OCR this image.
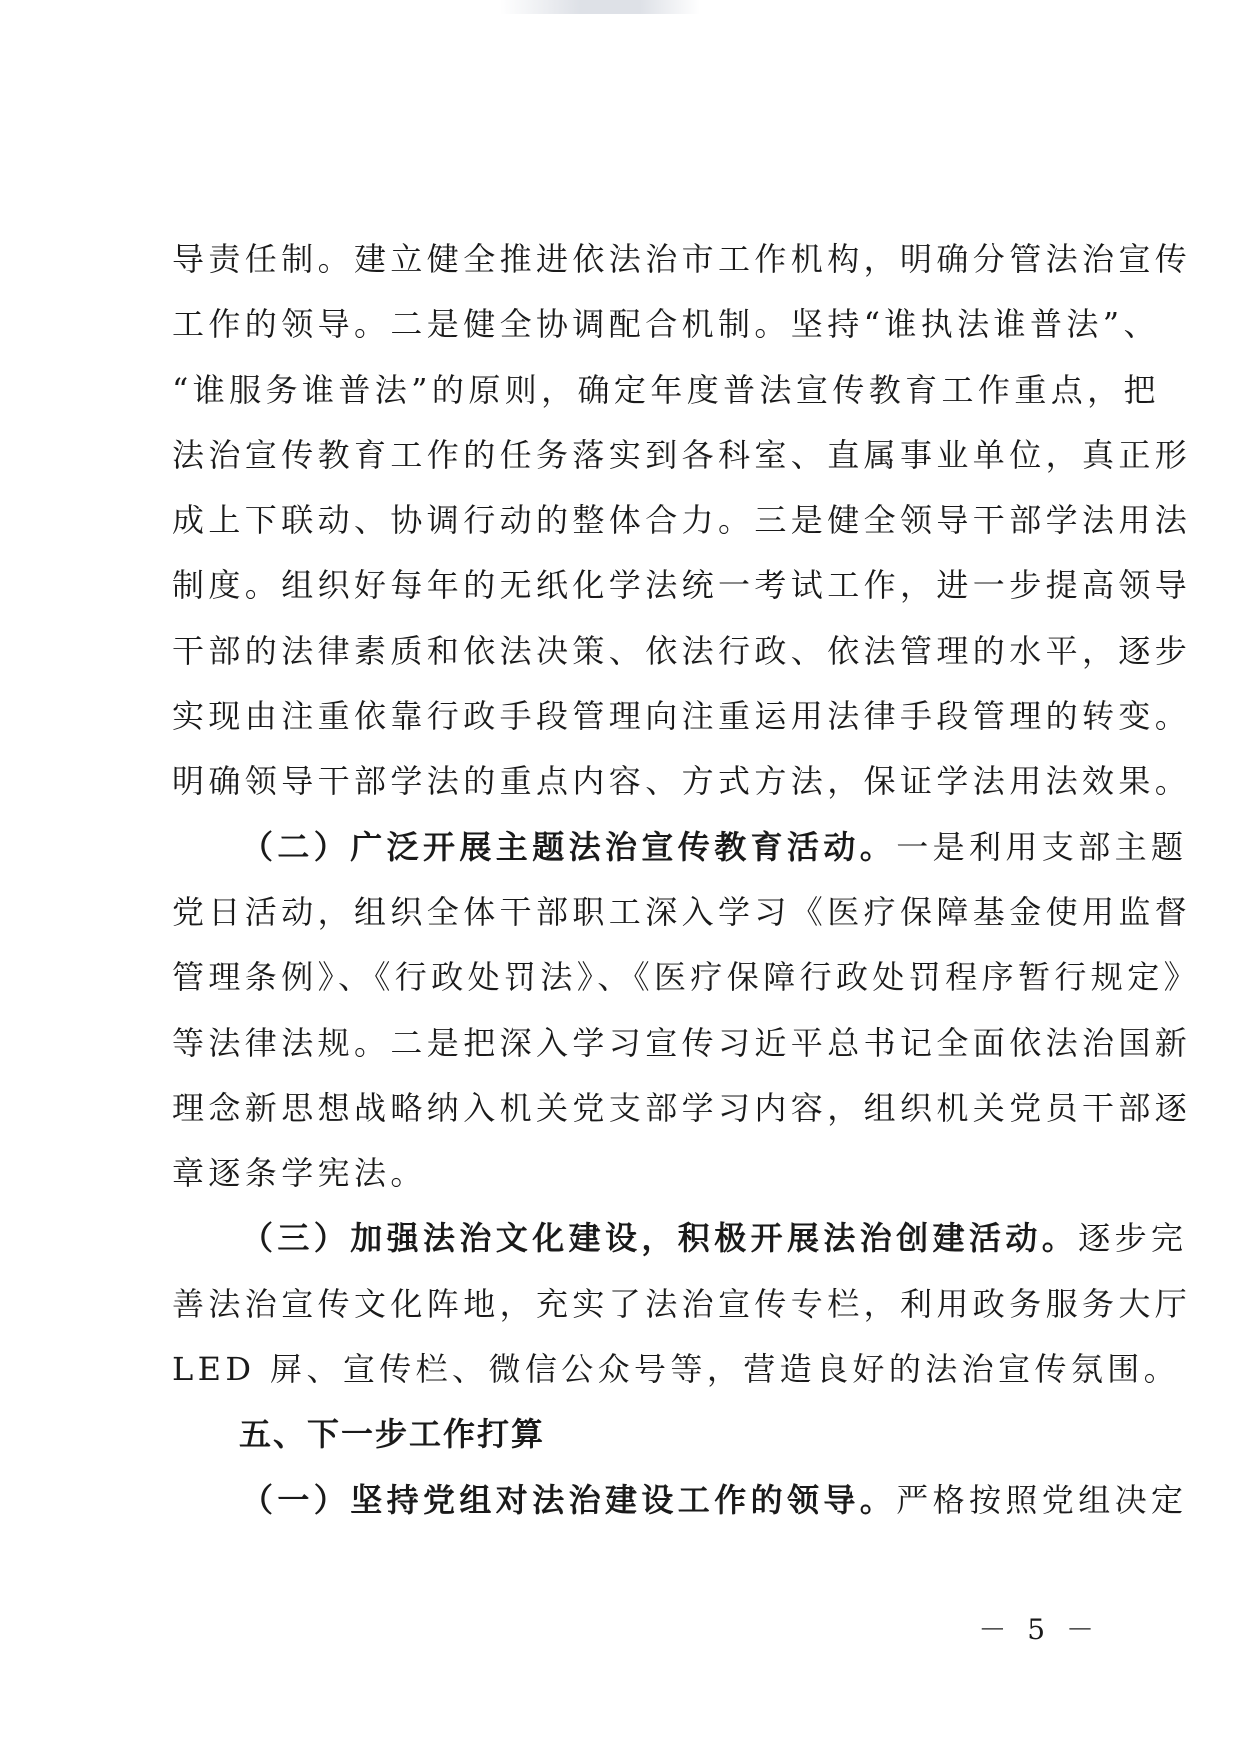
导责任制。建立健全推进依法治市工作机构，明确分管法治宣传
工作的领导。二是健全协调配合机制。坚持“谁执法谁普法”、
“谁服务谁普法”的原则，确定年度普法宣传教育工作重点，把
法治宣传教育工作的任务落实到各科室、直属事业单位，真正形
成上下联动、协调行动的整体合力。三是健全领导干部学法用法
制度。组织好每年的无纸化学法统一考试工作，进一步提高领导
干部的法律素质和依法决策、依法行政、依法管理的水平，逐步
实现由注重依靠行政手段管理向注重运用法律手段管理的转变。
明确领导干部学法的重点内容、方式方法，保证学法用法效果。
（二）广泛开展主题法治宣传教育活动。一是利用支部主题
党日活动，组织全体干部职工深入学习《医疗保障基金使用监督
管理条例》、《行政处罚法》、《医疗保障行政处罚程序暂行规定》
等法律法规。二是把深入学习宣传习近平总书记全面依法治国新
理念新思想战略纳入机关党支部学习内容，组织机关党员干部逐
章逐条学宪法。
（三）加强法治文化建设，积极开展法治创建活动。逐步完
善法治宣传文化阵地，充实了法治宣传专栏，利用政务服务大厅
LED 屏、宣传栏、微信公众号等，营造良好的法治宣传氛围。
五、下一步工作打算
（一）坚持党组对法治建设工作的领导。严格按照党组决定
－ 5 －
